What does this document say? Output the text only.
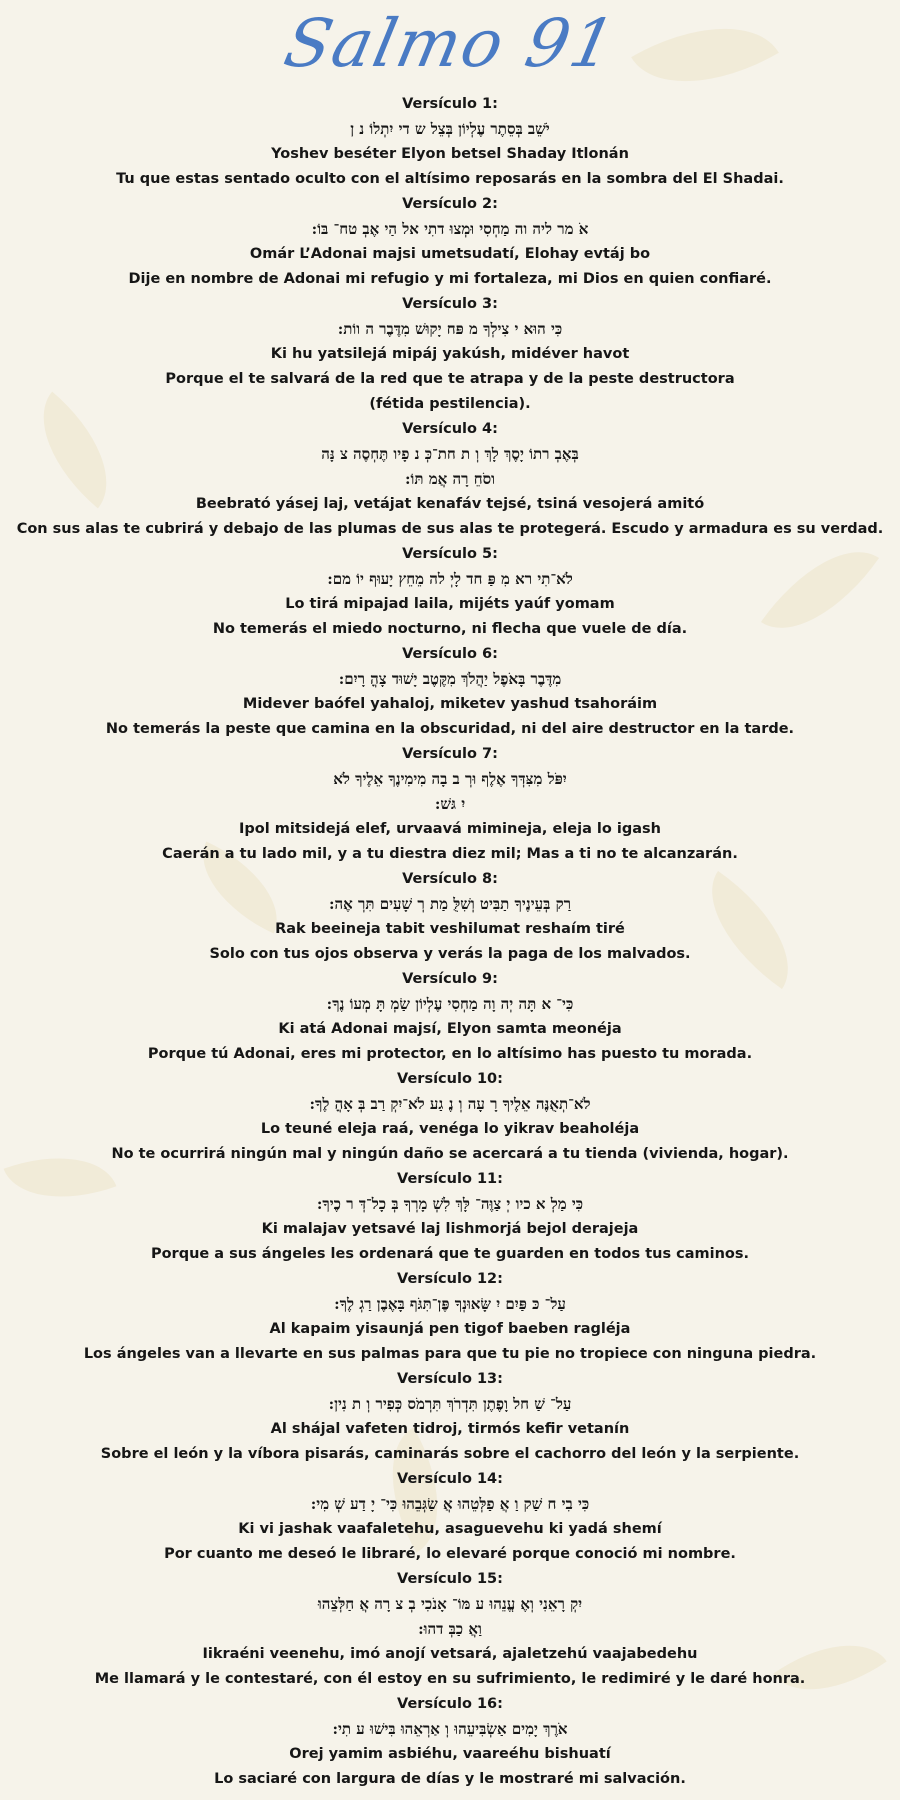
Salmo 91
Versículo 1:
יֹשֵׁב בְּסֵתֶר עֶלְיוֹן בְּצֵל ש די יִתְלוֹ נ ן
Yoshev beséter Elyon betsel Shaday Itlonán
Tu que estas sentado oculto con el altísimo reposarás en la sombra del El Shadai.
Versículo 2:
אֹ מר ליה וה מַחְסִי וּמְצוּ דתִי אל הַי אֶבְ טח־ בּוֹ:
Omár L’Adonai majsi umetsudatí, Elohay evtáj bo
Dije en nombre de Adonai mi refugio y mi fortaleza, mi Dios en quien confiaré.
Versículo 3:
כִּי הוּא י צִילְךָ מ פּח יָקוּשׁ מִדֶּבֶר ה ווֹת:
Ki hu yatsilejá mipáj yakúsh, midéver havot
Porque el te salvará de la red que te atrapa y de la peste destructora
(fétida pestilencia).
Versículo 4:
בְּאֶבְ רתוֹ יָסֶךְ לָךְ וְ ת חת־כְּ נ פָיו תֶּחְסֶה צ נָּה
וסֹחֵ רָה אֲמ תּוֹ:
Beebrató yásej laj, vetájat kenafáv tejsé, tsiná vesojerá amitó
Con sus alas te cubrirá y debajo de las plumas de sus alas te protegerá. Escudo y armadura es su verdad.
Versículo 5:
לֹא־תִי רא מִ פַּ חד לָיְ לה מֵחֵץ יָעוּף יוֹ מם:
Lo tirá mipajad laila, mijéts yaúf yomam
No temerás el miedo nocturno, ni flecha que vuele de día.
Versículo 6:
מִדֶּבֶר בָּאֹפֶל יַהֲלֹךְ מִקֶּטֶב יָשׁוּד צָהֳ רָיִם:
Midever baófel yahaloj, miketev yashud tsahoráim
No temerás la peste que camina en la obscuridad, ni del aire destructor en la tarde.
Versículo 7:
יִפֹּל מִצִּדְּךָ אֶלֶף וּרְ ב בָה מִימִינֶךָ אֵלֶיךָ לֹא
יִ גּשׁ:
Ipol mitsidejá elef, urvaavá mimineja, eleja lo igash
Caerán a tu lado mil, y a tu diestra diez mil; Mas a ti no te alcanzarán.
Versículo 8:
רַק בְּעֵינֶיךָ תַבִּיט וְשִׁלֻּ מַת רְ שָׁעִים תִּרְ אֶה:
Rak beeineja tabit veshilumat reshaím tiré
Solo con tus ojos observa y verás la paga de los malvados.
Versículo 9:
כִּי־ א תָּה יְה וָה מַחְסִי עֶלְיוֹן שַׂמְ תָּ מְעוֹ נֶךָ:
Ki atá Adonai majsí, Elyon samta meonéja
Porque tú Adonai, eres mi protector, en lo altísimo has puesto tu morada.
Versículo 10:
לֹא־תְאֻנֶּה אֵלֶיךָ רָ עָה וְ נֶ גַע לֹא־יִקְ רַב בְּ אָהֳ לֶךָ:
Lo teuné eleja raá, venéga lo yikrav beaholéja
No te ocurrirá ningún mal y ningún daño se acercará a tu tienda (vivienda, hogar).
Versículo 11:
כִּי מַלְ א כיו יְ צַוֶּה־ לָּךְ לִשְׁ מָרְךָ בְּ כָל־דְּ ר כֶיךָ:
Ki malajav yetsavé laj lishmorjá bejol derajeja
Porque a sus ángeles les ordenará que te guarden en todos tus caminos.
Versículo 12:
עַל־ כּ פַּיִם יִ שָּׂאוּנְךָ פֶּן־תִּגֹּף בָּאֶבֶן רַגְ לֶךָ:
Al kapaim yisaunjá pen tigof baeben ragléja
Los ángeles van a llevarte en sus palmas para que tu pie no tropiece con ninguna piedra.
Versículo 13:
עַל־ שַׁ חל וָפֶתֶן תִּדְרֹךְ תִּרְמֹס כְּפִיר וְ ת נִין:
Al shájal vafeten tidroj, tirmós kefir vetanín
Sobre el león y la víbora pisarás, caminarás sobre el cachorro del león y la serpiente.
Versículo 14:
כִּי בִי ח שַׁק וַ אֲ פַלְּטֵהוּ אֲ שַׂגְּבֵהוּ כִּי־ יָ דַע שְׁ מִי:
Ki vi jashak vaafaletehu, asaguevehu ki yadá shemí
Por cuanto me deseó le libraré, lo elevaré porque conoció mi nombre.
Versículo 15:
יִקְ רָאֵנִי וְאֶ עֱנֵהוּ ע מּוֹ־ אָנֹכִי בְ צ רָה אֲ חַלְּצֵהוּ
וַאֲ כַבְּ דהוּ:
Iikraéni veenehu, imó anojí vetsará, ajaletzehú vaajabedehu
Me llamará y le contestaré, con él estoy en su sufrimiento, le redimiré y le daré honra.
Versículo 16:
אֹרֶךְ יָמִים אַשְׂבִּיעֵהוּ וְ אַרְאֵהוּ בִּישׁוּ ע תִי:
Orej yamim asbiéhu, vaareéhu bishuatí
Lo saciaré con largura de días y le mostraré mi salvación.
